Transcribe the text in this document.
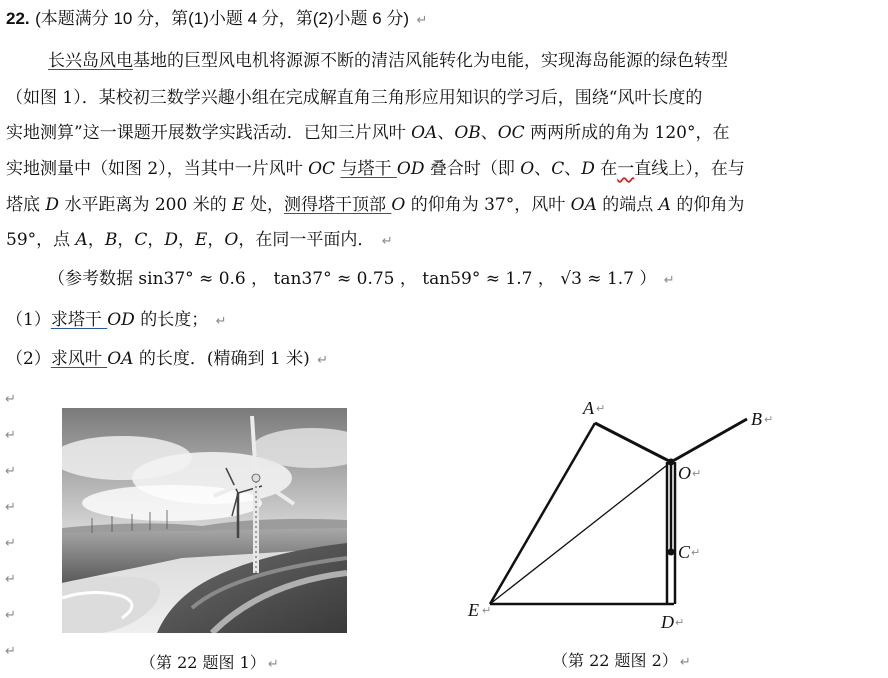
22. (本题满分 10 分，第(1)小题 4 分，第(2)小题 6 分) ↵
长兴岛风电基地的巨型风电机将源源不断的清洁风能转化为电能，实现海岛能源的绿色转型
（如图 1）．某校初三数学兴趣小组在完成解直角三角形应用知识的学习后，围绕“风叶长度的
实地测算”这一课题开展数学实践活动．已知三片风叶 OA、OB、OC 两两所成的角为 120°，在
实地测量中（如图 2），当其中一片风叶 OC 与塔干 OD 叠合时（即 O、C、D 在一直线上），在与
塔底 D 水平距离为 200 米的 E 处，测得塔干顶部 O 的仰角为 37°，风叶 OA 的端点 A 的仰角为
59°，点 A，B，C，D，E，O，在同一平面内． ↵
（参考数据 sin37° ≈ 0.6 ， tan37° ≈ 0.75 ， tan59° ≈ 1.7 ， √3 ≈ 1.7 ） ↵
（1）求塔干 OD 的长度； ↵
（2）求风叶 OA 的长度．(精确到 1 米) ↵
↵
↵
↵
↵
↵
↵
↵
↵
A ↵
B ↵
O ↵
C ↵
E ↵
D ↵
（第 22 题图 1） ↵	（第 22 题图 2） ↵
